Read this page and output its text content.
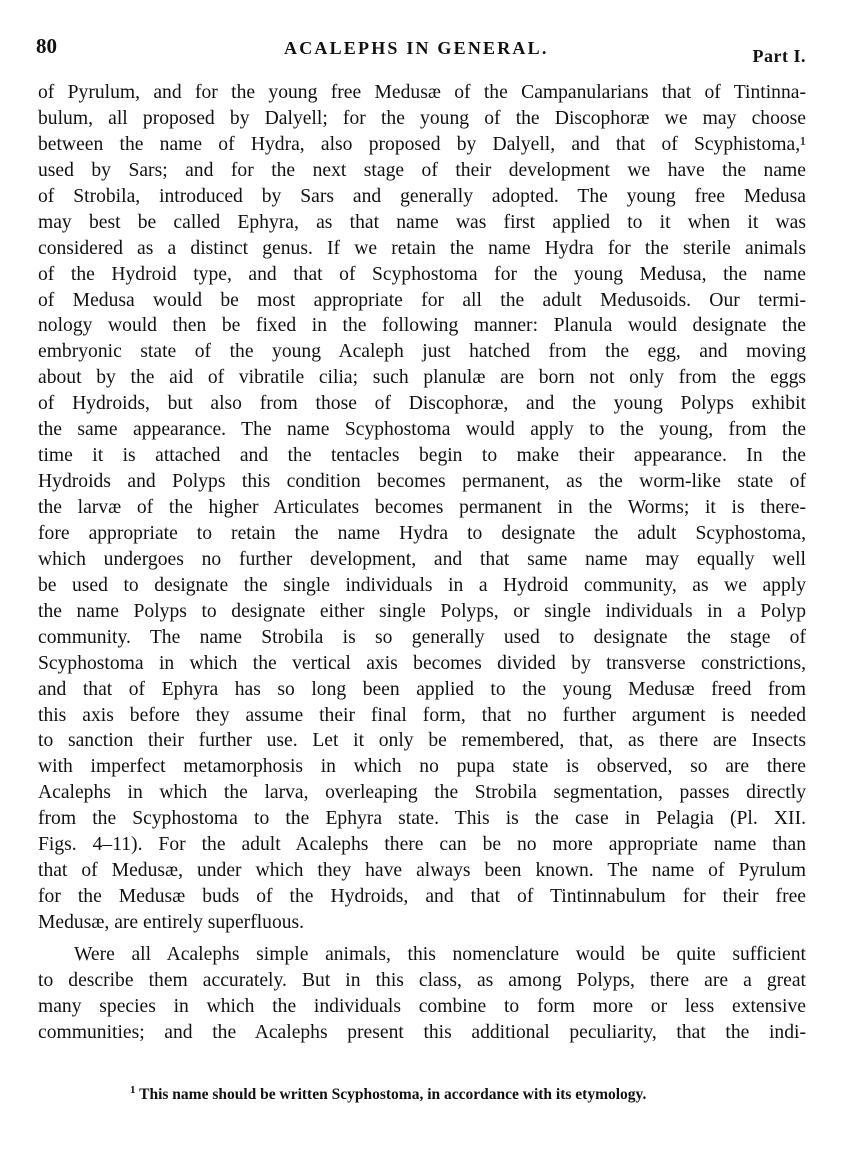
80	ACALEPHS IN GENERAL.	Part I.
of Pyrulum, and for the young free Medusæ of the Campanularians that of Tintinna-
bulum, all proposed by Dalyell; for the young of the Discophoræ we may choose
between the name of Hydra, also proposed by Dalyell, and that of Scyphistoma,¹
used by Sars; and for the next stage of their development we have the name
of Strobila, introduced by Sars and generally adopted. The young free Medusa
may best be called Ephyra, as that name was first applied to it when it was
considered as a distinct genus. If we retain the name Hydra for the sterile animals
of the Hydroid type, and that of Scyphostoma for the young Medusa, the name
of Medusa would be most appropriate for all the adult Medusoids. Our termi-
nology would then be fixed in the following manner: Planula would designate the
embryonic state of the young Acaleph just hatched from the egg, and moving
about by the aid of vibratile cilia; such planulæ are born not only from the eggs
of Hydroids, but also from those of Discophoræ, and the young Polyps exhibit
the same appearance. The name Scyphostoma would apply to the young, from the
time it is attached and the tentacles begin to make their appearance. In the
Hydroids and Polyps this condition becomes permanent, as the worm-like state of
the larvæ of the higher Articulates becomes permanent in the Worms; it is there-
fore appropriate to retain the name Hydra to designate the adult Scyphostoma,
which undergoes no further development, and that same name may equally well
be used to designate the single individuals in a Hydroid community, as we apply
the name Polyps to designate either single Polyps, or single individuals in a Polyp
community. The name Strobila is so generally used to designate the stage of
Scyphostoma in which the vertical axis becomes divided by transverse constrictions,
and that of Ephyra has so long been applied to the young Medusæ freed from
this axis before they assume their final form, that no further argument is needed
to sanction their further use. Let it only be remembered, that, as there are Insects
with imperfect metamorphosis in which no pupa state is observed, so are there
Acalephs in which the larva, overleaping the Strobila segmentation, passes directly
from the Scyphostoma to the Ephyra state. This is the case in Pelagia (Pl. XII.
Figs. 4–11). For the adult Acalephs there can be no more appropriate name than
that of Medusæ, under which they have always been known. The name of Pyrulum
for the Medusæ buds of the Hydroids, and that of Tintinnabulum for their free
Medusæ, are entirely superfluous.
Were all Acalephs simple animals, this nomenclature would be quite sufficient
to describe them accurately. But in this class, as among Polyps, there are a great
many species in which the individuals combine to form more or less extensive
communities; and the Acalephs present this additional peculiarity, that the indi-
$^1$ This name should be written Scyphostoma, in accordance with its etymology.
